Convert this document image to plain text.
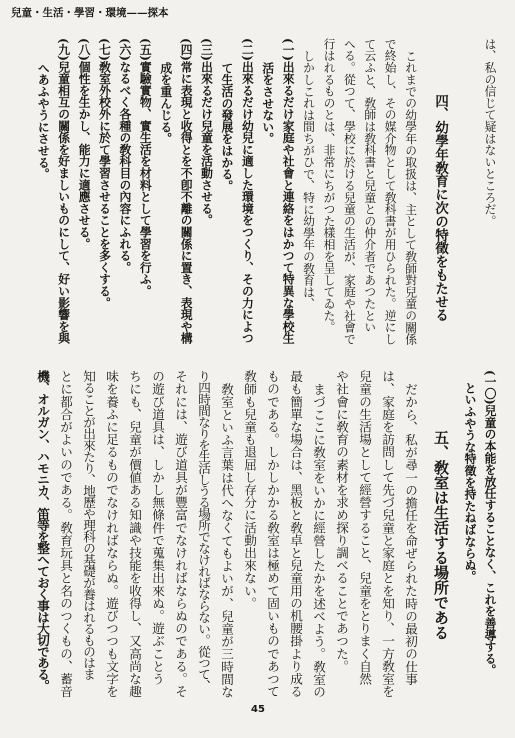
兒童・生活・學習・環境——探本
は、私の信じて疑はないところだ。
四、幼學年敎育に次の特徵をもたせる
これまでの幼學年の取扱は、主として敎師對兒童の關係
で終始し、その媒介物として敎科書が用ひられた。逆にし
て云ふと、敎師は敎科書と兒童との仲介者であつたとい
へる。從つて、學校に於ける兒童の生活が、家庭や社會で
行はれるものとは、非常にちがつた樣相を呈してゐた。
しかしこれは間ちがひで、特に幼學年の敎育は、
(一)出來るだけ家庭や社會と連絡をはかつて特異な學校生
活をさせない。
(二)出來るだけ幼兒に適した環境をつくり、その力によつ
て生活の發展をはかる。
(三)出來るだけ兒童を活動させる。
(四)常に表現と收得とを不卽不離の關係に置き、表現や構
成を重んじる。
(五)實驗實物、實生活を材料として學習を行ふ。
(六)なるべく各種の敎科目の內容にふれる。
(七)敎室外校外に於て學習させることを多くする。
(八)個性を生かし、能力に適應させる。
(九)兒童相互の關係を好ましいものにして、好い影響を與
へあふやうにさせる。
(一〇)兒童の本能を放任することなく、これを善導する。
といふやうな特徵を持たねばならぬ。
五、敎室は生活する場所である
だから、私が尋一の擔任を命ぜられた時の最初の仕事
は、家庭を訪問して先づ兒童と家庭とを知り、一方敎室を
兒童の生活場として經營すること、兒童をとりまく自然
や社會に敎育の素材を求め探り調べることであつた。
まづここに敎室をいかに經營したかを述べよう。敎室の
最も簡單な場合は、黑板と敎卓と兒童用の机腰掛より成る
ものである。しかしかかる敎室は極めて固いものであつて
敎師も兒童も退屈し存分に活動出來ない。
敎室といふ言葉は代へなくてもよいが、兒童が三時間な
り四時間なりを生活しうる場所でなければならない。從つて、
それには、遊び道具が豐富でなければならぬのである。そ
の遊び道具は、しかし無條件で蒐集出來ぬ。遊ぶことう
ちにも、兒童が價値ある知識や技能を收得し、又高尚な趣
味を養ふに足るものでなければならぬ。遊びつつも文字を
知ることが出來たり、地歷や理科の基礎が養はれるものはま
とに都合がよいのである。敎育玩具と名のつくもの、蓄音
機、オルガン、ハモニカ、笛等を整へておく事は大切である。
45
